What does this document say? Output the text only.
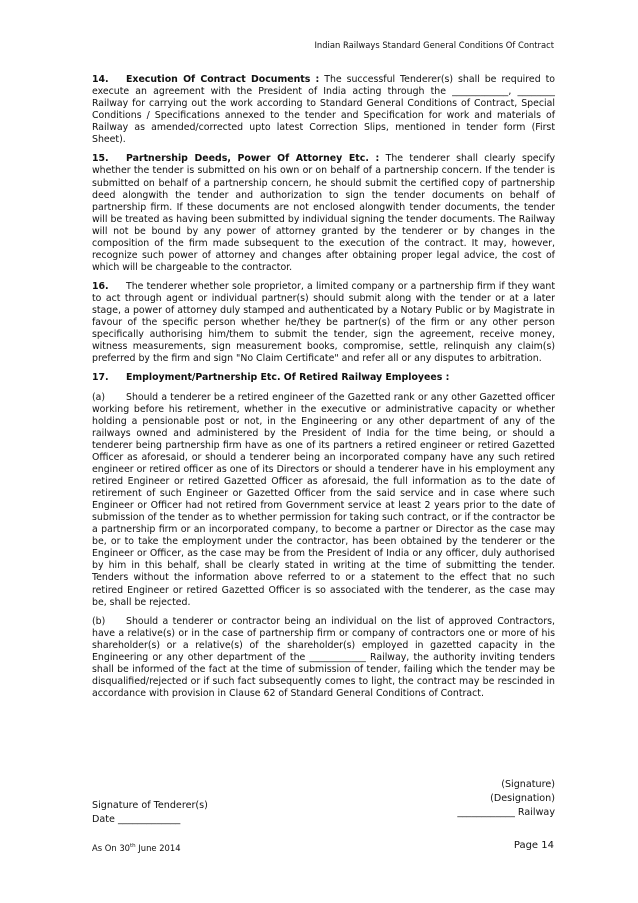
Indian Railways Standard General Conditions Of Contract

14. Execution Of Contract Documents : The successful Tenderer(s) shall be required to execute an agreement with the President of India acting through the ____________, ________ Railway for carrying out the work according to Standard General Conditions of Contract, Special Conditions / Specifications annexed to the tender and Specification for work and materials of Railway as amended/corrected upto latest Correction Slips, mentioned in tender form (First Sheet).

15. Partnership Deeds, Power Of Attorney Etc. : The tenderer shall clearly specify whether the tender is submitted on his own or on behalf of a partnership concern. If the tender is submitted on behalf of a partnership concern, he should submit the certified copy of partnership deed alongwith the tender and authorization to sign the tender documents on behalf of partnership firm. If these documents are not enclosed alongwith tender documents, the tender will be treated as having been submitted by individual signing the tender documents. The Railway will not be bound by any power of attorney granted by the tenderer or by changes in the composition of the firm made subsequent to the execution of the contract. It may, however, recognize such power of attorney and changes after obtaining proper legal advice, the cost of which will be chargeable to the contractor.

16. The tenderer whether sole proprietor, a limited company or a partnership firm if they want to act through agent or individual partner(s) should submit along with the tender or at a later stage, a power of attorney duly stamped and authenticated by a Notary Public or by Magistrate in favour of the specific person whether he/they be partner(s) of the firm or any other person specifically authorising him/them to submit the tender, sign the agreement, receive money, witness measurements, sign measurement books, compromise, settle, relinquish any claim(s) preferred by the firm and sign "No Claim Certificate" and refer all or any disputes to arbitration.

17. Employment/Partnership Etc. Of Retired Railway Employees :

(a) Should a tenderer be a retired engineer of the Gazetted rank or any other Gazetted officer working before his retirement, whether in the executive or administrative capacity or whether holding a pensionable post or not, in the Engineering or any other department of any of the railways owned and administered by the President of India for the time being, or should a tenderer being partnership firm have as one of its partners a retired engineer or retired Gazetted Officer as aforesaid, or should a tenderer being an incorporated company have any such retired engineer or retired officer as one of its Directors or should a tenderer have in his employment any retired Engineer or retired Gazetted Officer as aforesaid, the full information as to the date of retirement of such Engineer or Gazetted Officer from the said service and in case where such Engineer or Officer had not retired from Government service at least 2 years prior to the date of submission of the tender as to whether permission for taking such contract, or if the contractor be a partnership firm or an incorporated company, to become a partner or Director as the case may be, or to take the employment under the contractor, has been obtained by the tenderer or the Engineer or Officer, as the case may be from the President of India or any officer, duly authorised by him in this behalf, shall be clearly stated in writing at the time of submitting the tender. Tenders without the information above referred to or a statement to the effect that no such retired Engineer or retired Gazetted Officer is so associated with the tenderer, as the case may be, shall be rejected.

(b) Should a tenderer or contractor being an individual on the list of approved Contractors, have a relative(s) or in the case of partnership firm or company of contractors one or more of his shareholder(s) or a relative(s) of the shareholder(s) employed in gazetted capacity in the Engineering or any other department of the ____________ Railway, the authority inviting tenders shall be informed of the fact at the time of submission of tender, failing which the tender may be disqualified/rejected or if such fact subsequently comes to light, the contract may be rescinded in accordance with provision in Clause 62 of Standard General Conditions of Contract.

(Signature)
(Designation)
____________ Railway
Signature of Tenderer(s)
Date _____________
As On 30th June 2014	Page 14
